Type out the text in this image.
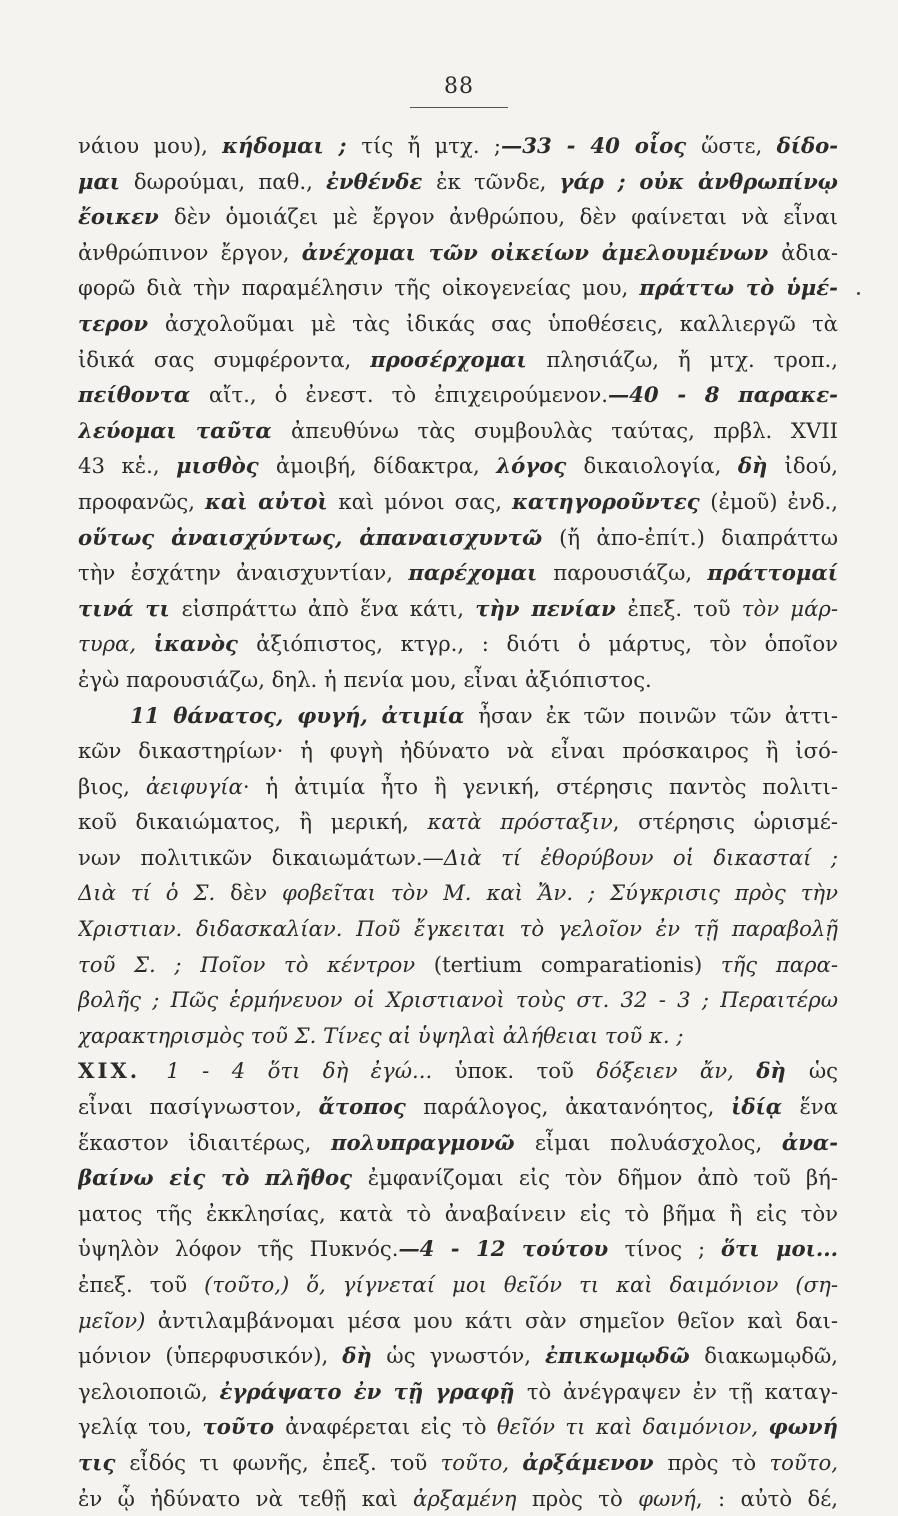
88
νάιου μου), κήδομαι ; τίς ἤ μτχ. ;—33 - 40 οἷος ὥστε, δίδο-
μαι δωρούμαι, παθ., ἐνθένδε ἐκ τῶνδε, γάρ ; οὐκ ἀνθρωπίνῳ
ἔοικεν δὲν ὁμοιάζει μὲ ἔργον ἀνθρώπου, δὲν φαίνεται νὰ εἶναι
ἀνθρώπινον ἔργον, ἀνέχομαι τῶν οἰκείων ἀμελουμένων ἀδια-
φορῶ διὰ τὴν παραμέλησιν τῆς οἰκογενείας μου, πράττω τὸ ὑμέ-
τερον ἀσχολοῦμαι μὲ τὰς ἰδικάς σας ὑποθέσεις, καλλιεργῶ τὰ
ἰδικά σας συμφέροντα, προσέρχομαι πλησιάζω, ἤ μτχ. τροπ.,
πείθοντα αἴτ., ὁ ἐνεστ. τὸ ἐπιχειρούμενον.—40 - 8 παρακε-
λεύομαι ταῦτα ἀπευθύνω τὰς συμβουλὰς ταύτας, πρβλ. XVII
43 κἑ., μισθὸς ἀμοιβή, δίδακτρα, λόγος δικαιολογία, δὴ ἰδού,
προφανῶς, καὶ αὐτοὶ καὶ μόνοι σας, κατηγοροῦντες (ἐμοῦ) ἐνδ.,
οὕτως ἀναισχύντως, ἀπαναισχυντῶ (ἤ ἀπο-ἐπίτ.) διαπράττω
τὴν ἐσχάτην ἀναισχυντίαν, παρέχομαι παρουσιάζω, πράττομαί
τινά τι εἰσπράττω ἀπὸ ἕνα κάτι, τὴν πενίαν ἐπεξ. τοῦ τὸν μάρ-
τυρα, ἱκανὸς ἀξιόπιστος, κτγρ., : διότι ὁ μάρτυς, τὸν ὁποῖον
ἐγὼ παρουσιάζω, δηλ. ἡ πενία μου, εἶναι ἀξιόπιστος.
11 θάνατος, φυγή, ἀτιμία ἦσαν ἐκ τῶν ποινῶν τῶν ἀττι-
κῶν δικαστηρίων· ἡ φυγὴ ἠδύνατο νὰ εἶναι πρόσκαιρος ἢ ἰσό-
βιος, ἀειφυγία· ἡ ἀτιμία ἦτο ἢ γενική, στέρησις παντὸς πολιτι-
κοῦ δικαιώματος, ἢ μερική, κατὰ πρόσταξιν, στέρησις ὡρισμέ-
νων πολιτικῶν δικαιωμάτων.—Διὰ τί ἐθορύβουν οἱ δικασταί ;
Διὰ τί ὁ Σ. δὲν φοβεῖται τὸν Μ. καὶ Ἄν. ; Σύγκρισις πρὸς τὴν
Χριστιαν. διδασκαλίαν. Ποῦ ἔγκειται τὸ γελοῖον ἐν τῇ παραβολῇ
τοῦ Σ. ; Ποῖον τὸ κέντρον (tertium comparationis) τῆς παρα-
βολῆς ; Πῶς ἑρμήνευον οἱ Χριστιανοὶ τοὺς στ. 32 - 3 ; Περαιτέρω
χαρακτηρισμὸς τοῦ Σ. Τίνες αἱ ὑψηλαὶ ἀλήθειαι τοῦ κ. ;
XIX. 1 - 4 ὅτι δὴ ἐγώ... ὑποκ. τοῦ δόξειεν ἄν, δὴ ὡς
εἶναι πασίγνωστον, ἄτοπος παράλογος, ἀκατανόητος, ἰδίᾳ ἕνα
ἕκαστον ἰδιαιτέρως, πολυπραγμονῶ εἶμαι πολυάσχολος, ἀνα-
βαίνω εἰς τὸ πλῆθος ἐμφανίζομαι εἰς τὸν δῆμον ἀπὸ τοῦ βή-
ματος τῆς ἐκκλησίας, κατὰ τὸ ἀναβαίνειν εἰς τὸ βῆμα ἢ εἰς τὸν
ὑψηλὸν λόφον τῆς Πυκνός.—4 - 12 τούτου τίνος ; ὅτι μοι...
ἐπεξ. τοῦ (τοῦτο,) ὅ, γίγνεταί μοι θεῖόν τι καὶ δαιμόνιον (ση-
μεῖον) ἀντιλαμβάνομαι μέσα μου κάτι σὰν σημεῖον θεῖον καὶ δαι-
μόνιον (ὑπερφυσικόν), δὴ ὡς γνωστόν, ἐπικωμῳδῶ διακωμῳδῶ,
γελοιοποιῶ, ἐγράψατο ἐν τῇ γραφῇ τὸ ἀνέγραψεν ἐν τῇ καταγ-
γελίᾳ του, τοῦτο ἀναφέρεται εἰς τὸ θεῖόν τι καὶ δαιμόνιον, φωνή
τις εἶδός τι φωνῆς, ἐπεξ. τοῦ τοῦτο, ἀρξάμενον πρὸς τὸ τοῦτο,
ἐν ᾧ ἠδύνατο νὰ τεθῇ καὶ ἀρξαμένη πρὸς τὸ φωνή, : αὐτὸ δέ,
